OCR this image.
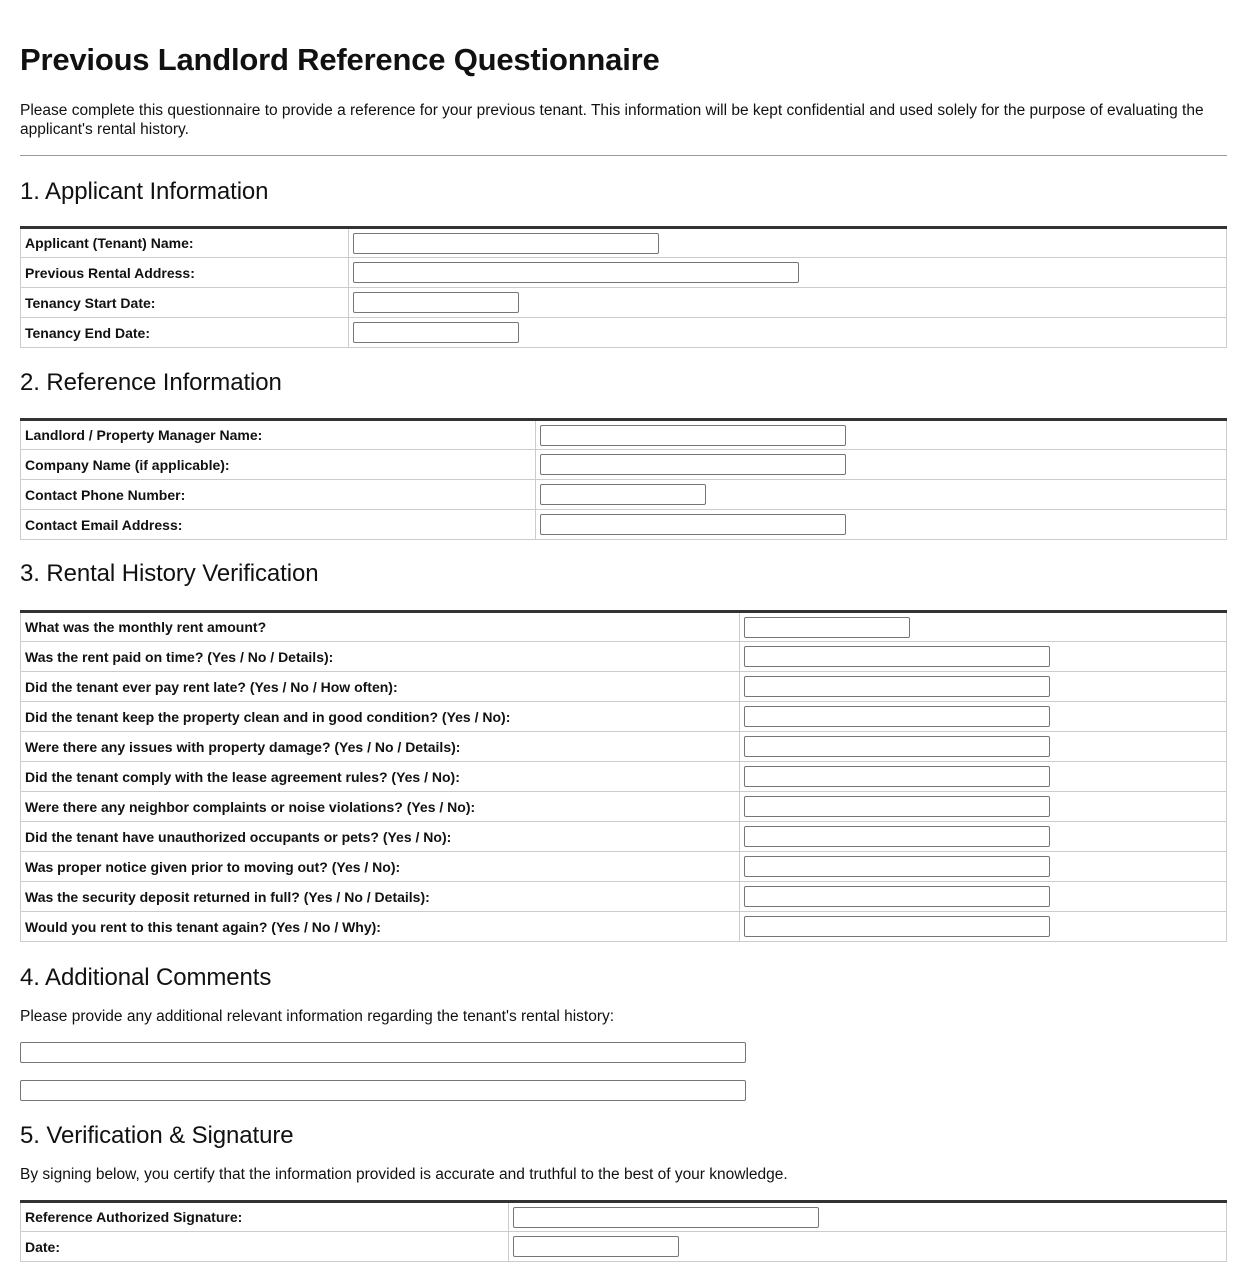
Previous Landlord Reference Questionnaire

Please complete this questionnaire to provide a reference for your previous tenant. This information will be kept confidential and used solely for the purpose of evaluating the applicant's rental history.

1. Applicant Information
Applicant (Tenant) Name:	

Previous Rental Address:	

Tenancy Start Date:	

Tenancy End Date:	
2. Reference Information
Landlord / Property Manager Name:	

Company Name (if applicable):	

Contact Phone Number:	

Contact Email Address:	
3. Rental History Verification
What was the monthly rent amount?	

Was the rent paid on time? (Yes / No / Details):	

Did the tenant ever pay rent late? (Yes / No / How often):	

Did the tenant keep the property clean and in good condition? (Yes / No):	

Were there any issues with property damage? (Yes / No / Details):	

Did the tenant comply with the lease agreement rules? (Yes / No):	

Were there any neighbor complaints or noise violations? (Yes / No):	

Did the tenant have unauthorized occupants or pets? (Yes / No):	

Was proper notice given prior to moving out? (Yes / No):	

Was the security deposit returned in full? (Yes / No / Details):	

Would you rent to this tenant again? (Yes / No / Why):	
4. Additional Comments

Please provide any additional relevant information regarding the tenant's rental history:

5. Verification & Signature

By signing below, you certify that the information provided is accurate and truthful to the best of your knowledge.

Reference Authorized Signature:	

Date:	
